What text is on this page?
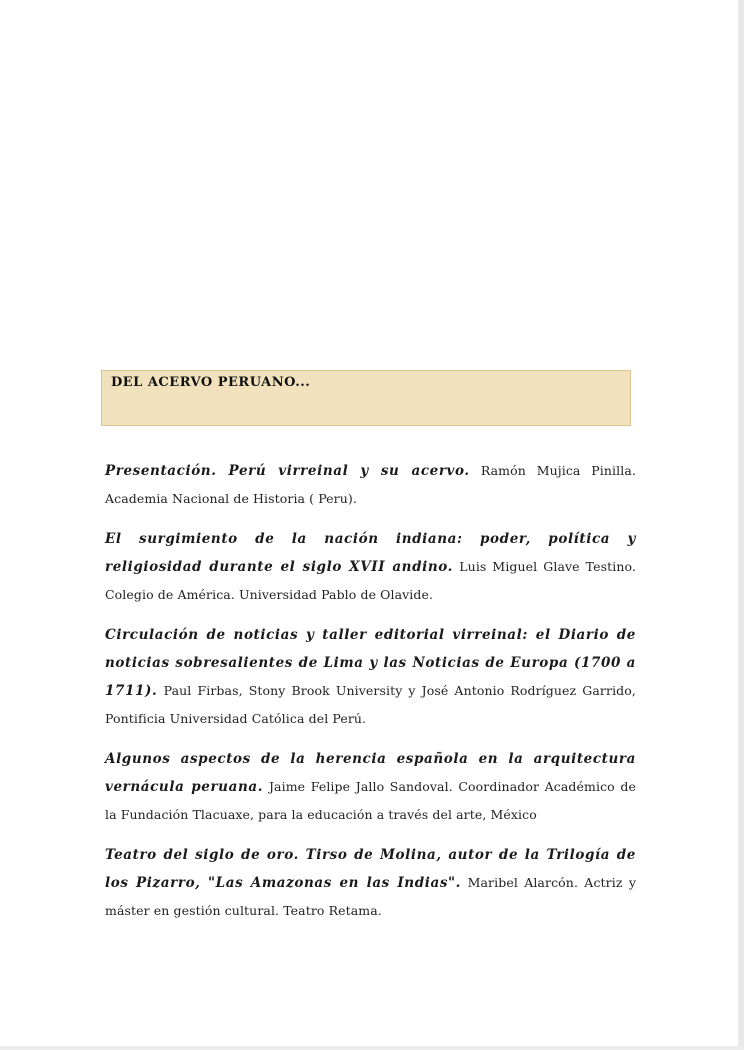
DEL ACERVO PERUANO...
Presentación. Perú virreinal y su acervo. Ramón Mujica Pinilla. Academia Nacional de Historia ( Peru).
El surgimiento de la nación indiana: poder, política y religiosidad durante el siglo XVII andino. Luis Miguel Glave Testino. Colegio de América. Universidad Pablo de Olavide.
Circulación de noticias y taller editorial virreinal: el Diario de noticias sobresalientes de Lima y las Noticias de Europa (1700 a 1711). Paul Firbas, Stony Brook University y José Antonio Rodríguez Garrido, Pontificia Universidad Católica del Perú.
Algunos aspectos de la herencia española en la arquitectura vernácula peruana. Jaime Felipe Jallo Sandoval. Coordinador Académico de la Fundación Tlacuaxe, para la educación a través del arte, México
Teatro del siglo de oro. Tirso de Molina, autor de la Trilogía de los Pizarro, "Las Amazonas en las Indias". Maribel Alarcón. Actriz y máster en gestión cultural. Teatro Retama.
